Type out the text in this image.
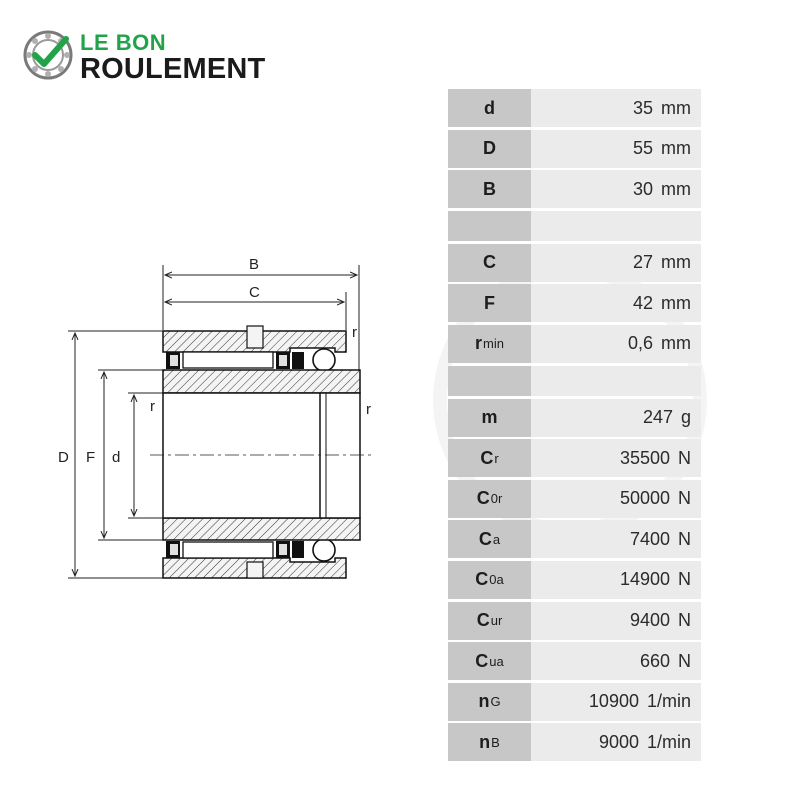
LE BON
ROULEMENT
B
C
r
r	r
D F d
d	35 mm
D	55 mm
B	30 mm
C	27 mm
F	42 mm
r min	0,6 mm
m	247 g
C r	35500 N
C 0r	50000 N
C a	7400 N
C 0a	14900 N
C ur	9400 N
C ua	660 N
n G	10900 1/min
n B	9000 1/min
